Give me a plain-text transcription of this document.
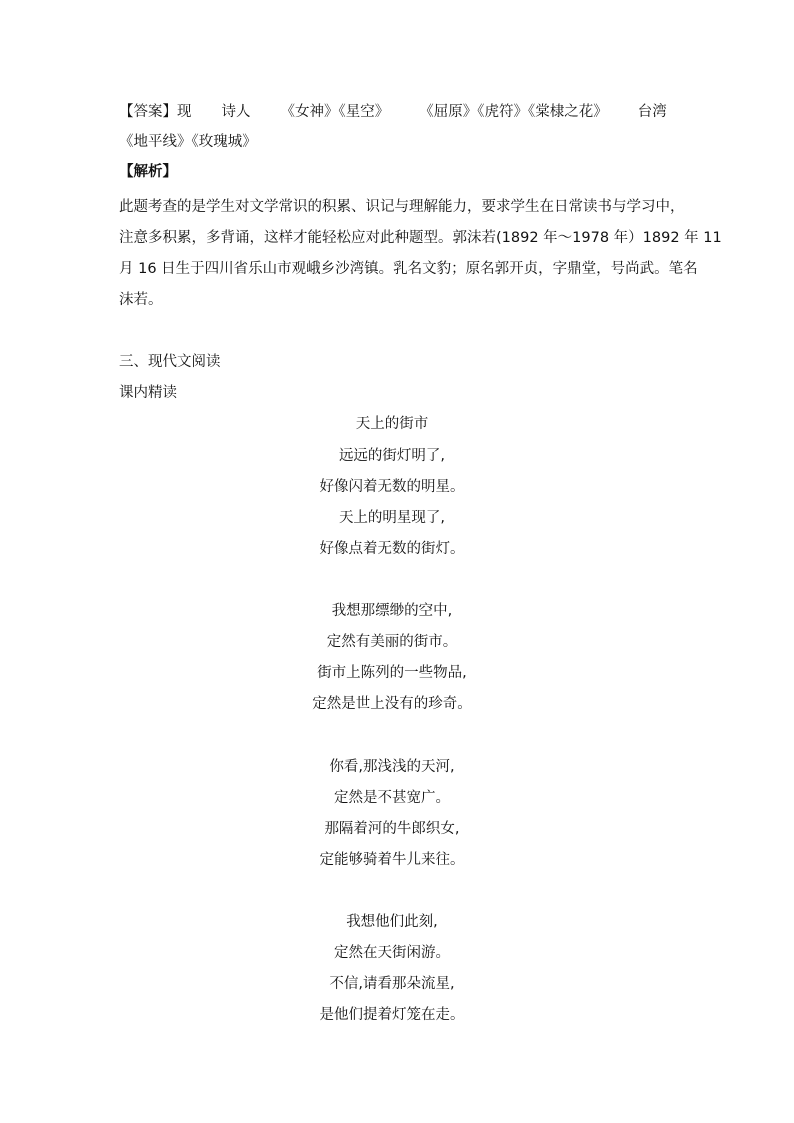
【答案】现 诗人 《女神》《星空》 《屈原》《虎符》《棠棣之花》 台湾
《地平线》《玫瑰城》
【解析】
此题考查的是学生对文学常识的积累、识记与理解能力，要求学生在日常读书与学习中，
注意多积累，多背诵，这样才能轻松应对此种题型。郭沫若(1892 年～1978 年）1892 年 11
月 16 日生于四川省乐山市观峨乡沙湾镇。乳名文豹；原名郭开贞，字鼎堂，号尚武。笔名
沫若。
三、现代文阅读
课内精读
天上的街市
远远的街灯明了,
好像闪着无数的明星。
天上的明星现了,
好像点着无数的街灯。
我想那缥缈的空中,
定然有美丽的街市。
街市上陈列的一些物品,
定然是世上没有的珍奇。
你看,那浅浅的天河,
定然是不甚宽广。
那隔着河的牛郎织女,
定能够骑着牛儿来往。
我想他们此刻,
定然在天街闲游。
不信,请看那朵流星,
是他们提着灯笼在走。
